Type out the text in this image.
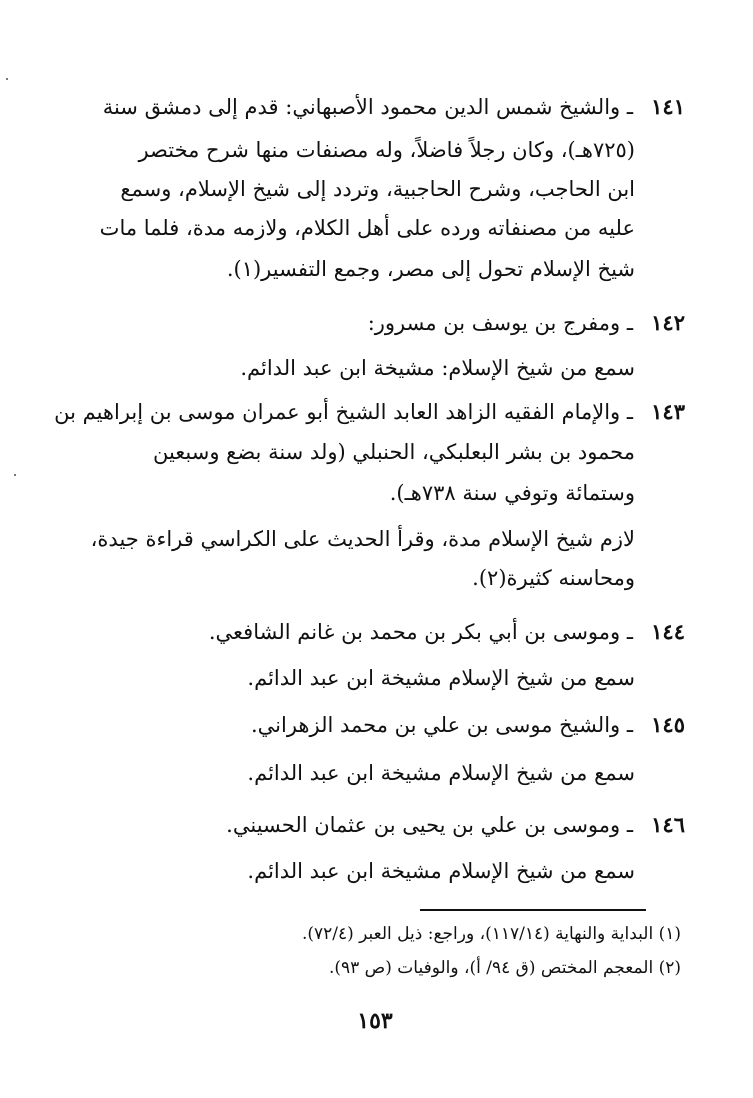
١٤١
ـ والشيخ شمس الدين محمود الأصبهاني: قدم إلى دمشق سنة
(٧٢٥هـ)، وكان رجلاً فاضلاً، وله مصنفات منها شرح مختصر
ابن الحاجب، وشرح الحاجبية، وتردد إلى شيخ الإسلام، وسمع
عليه من مصنفاته ورده على أهل الكلام، ولازمه مدة، فلما مات
شيخ الإسلام تحول إلى مصر، وجمع التفسير(١).
١٤٢
ـ ومفرج بن يوسف بن مسرور:
سمع من شيخ الإسلام: مشيخة ابن عبد الدائم.
١٤٣
ـ والإمام الفقيه الزاهد العابد الشيخ أبو عمران موسى بن إبراهيم بن
محمود بن بشر البعلبكي، الحنبلي (ولد سنة بضع وسبعين
وستمائة وتوفي سنة ٧٣٨هـ).
لازم شيخ الإسلام مدة، وقرأ الحديث على الكراسي قراءة جيدة،
ومحاسنه كثيرة(٢).
١٤٤
ـ وموسى بن أبي بكر بن محمد بن غانم الشافعي.
سمع من شيخ الإسلام مشيخة ابن عبد الدائم.
١٤٥
ـ والشيخ موسى بن علي بن محمد الزهراني.
سمع من شيخ الإسلام مشيخة ابن عبد الدائم.
١٤٦
ـ وموسى بن علي بن يحيى بن عثمان الحسيني.
سمع من شيخ الإسلام مشيخة ابن عبد الدائم.
(١) البداية والنهاية (١١٧/١٤)، وراجع: ذيل العبر (٧٢/٤).
(٢) المعجم المختص (ق ٩٤/ أ)، والوفيات (ص ٩٣).
١٥٣
